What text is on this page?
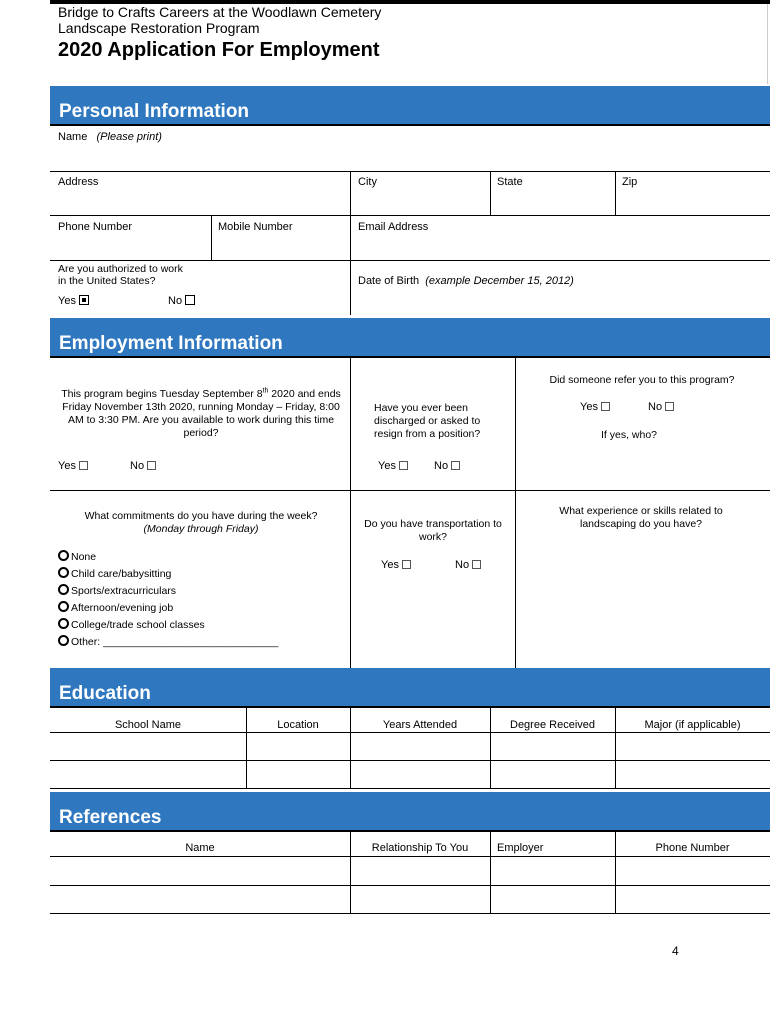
Bridge to Crafts Careers at the Woodlawn Cemetery
Landscape Restoration Program
2020 Application For Employment
Personal Information
Name (Please print)
Address	City	State	Zip
Phone Number	Mobile Number	Email Address
Are you authorized to work
in the United States?
Yes	No
Date of Birth (example December 15, 2012)
Employment Information
This program begins Tuesday September 8th 2020 and ends Friday November 13th 2020, running Monday – Friday, 8:00 AM to 3:30 PM. Are you available to work during this time period?
Yes	No
Have you ever been discharged or asked to resign from a position?
Yes	No
Did someone refer you to this program?
Yes	No
If yes, who?
What commitments do you have during the week?
(Monday through Friday)
None
Child care/babysitting
Sports/extracurriculars
Afternoon/evening job
College/trade school classes
Other: ______________________________
Do you have transportation to work?
Yes	No
What experience or skills related to landscaping do you have?
Education
School Name	Location	Years Attended	Degree Received	Major (if applicable)
References
Name	Relationship To You	Employer	Phone Number
4
